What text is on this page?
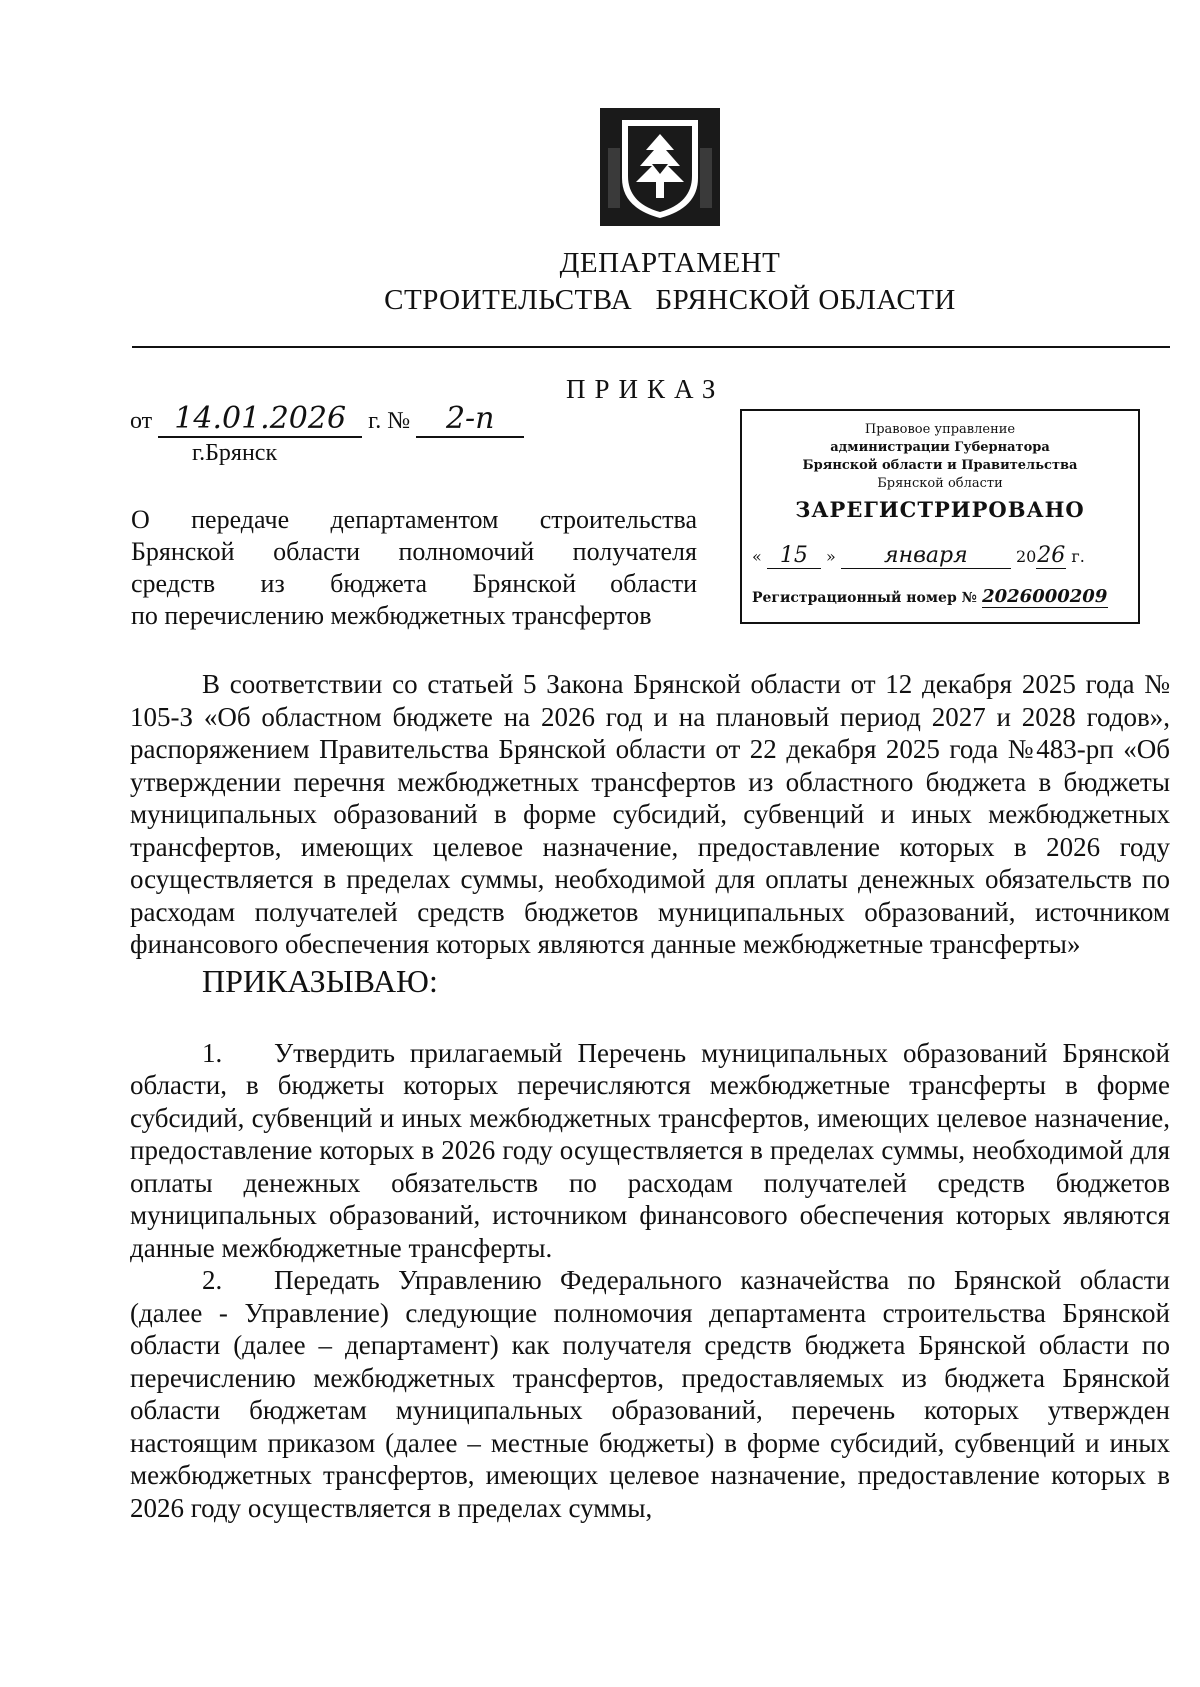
ДЕПАРТАМЕНТ
СТРОИТЕЛЬСТВА   БРЯНСКОЙ ОБЛАСТИ
ПРИКАЗ
от 14.01.2026 г. № 2-п
г.Брянск

О   передаче   департаментом   строительства

Брянской  области  полномочий  получателя

средств    из    бюджета    Брянской   области

по перечислению межбюджетных трансфертов

Правовое управление
администрации Губернатора
Брянской области и Правительства
Брянской области
ЗАРЕГИСТРИРОВАНО
« 15 » января	2026 г.
Регистрационный номер № 2026000209

В соответствии со статьей 5 Закона Брянской области от 12 декабря 2025 года № 105-З «Об областном бюджете на 2026 год и на плановый период 2027 и 2028 годов», распоряжением Правительства Брянской области от 22 декабря 2025 года №483-рп «Об утверждении перечня межбюджетных трансфертов из областного бюджета в бюджеты муниципальных образований в форме субсидий, субвенций и иных межбюджетных трансфертов, имеющих целевое назначение, предоставление которых в 2026 году осуществляется в пределах суммы, необходимой для оплаты денежных обязательств по расходам получателей средств бюджетов муниципальных образований, источником финансового обеспечения которых являются данные межбюджетные трансферты»

ПРИКАЗЫВАЮ:

1. Утвердить прилагаемый Перечень муниципальных образований Брянской области, в бюджеты которых перечисляются межбюджетные трансферты в форме субсидий, субвенций и иных межбюджетных трансфертов, имеющих целевое назначение, предоставление которых в 2026 году осуществляется в пределах суммы, необходимой для оплаты денежных обязательств по расходам получателей средств бюджетов муниципальных образований, источником финансового обеспечения которых являются данные межбюджетные трансферты.

2. Передать Управлению Федерального казначейства по Брянской области (далее - Управление) следующие полномочия департамента строительства Брянской области (далее – департамент) как получателя средств бюджета Брянской области по перечислению межбюджетных трансфертов, предоставляемых из бюджета Брянской области бюджетам муниципальных образований, перечень которых утвержден настоящим приказом (далее – местные бюджеты) в форме субсидий, субвенций и иных межбюджетных трансфертов, имеющих целевое назначение, предоставление которых в 2026 году осуществляется в пределах суммы,
